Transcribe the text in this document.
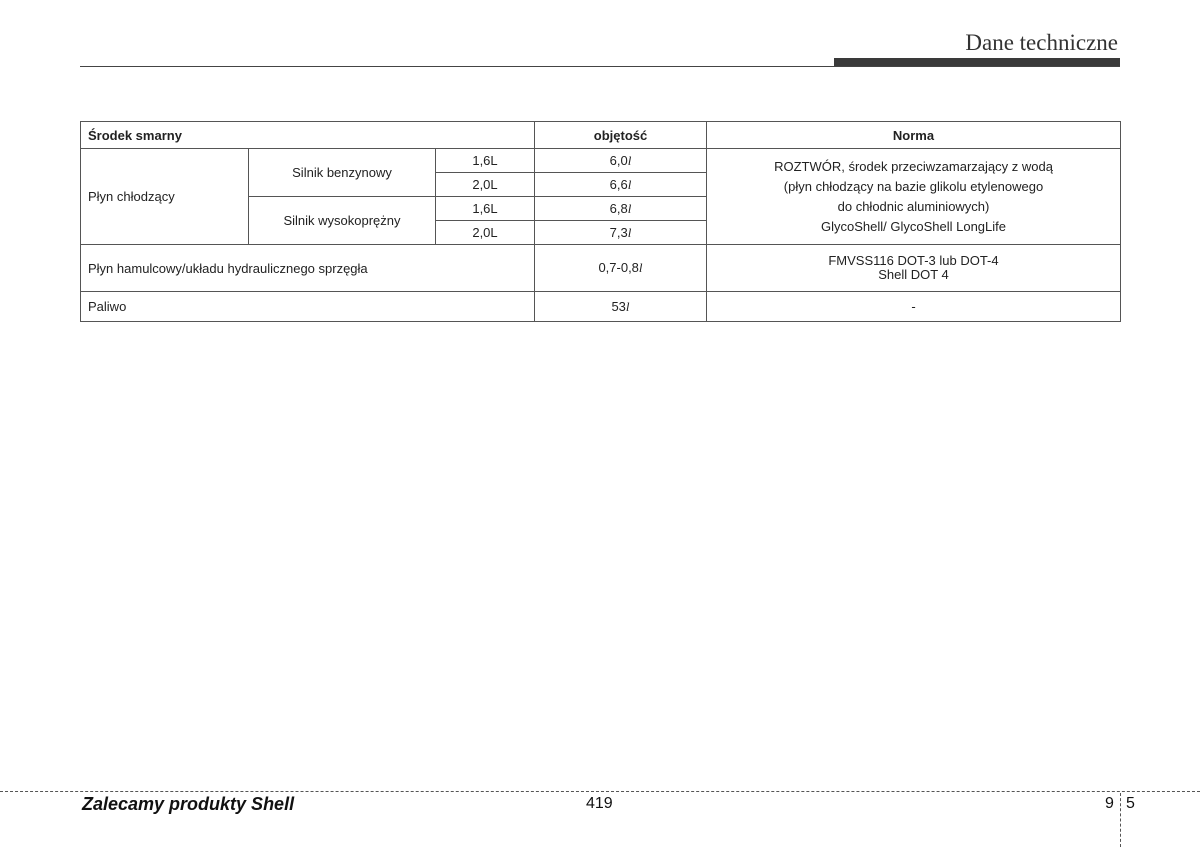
Dane techniczne
Środek smarny			objętość	Norma
Płyn chłodzący	Silnik benzynowy	1,6L	6,0l	ROZTWÓR, środek przeciwzamarzający z wodą
(płyn chłodzący na bazie glikolu etylenowego
do chłodnic aluminiowych)
GlycoShell/ GlycoShell LongLife

		2,0L	6,6l	
	Silnik wysokoprężny	1,6L	6,8l	
		2,0L	7,3l	
Płyn hamulcowy/układu hydraulicznego sprzęgła			0,7-0,8l	FMVSS116 DOT-3 lub DOT-4
Shell DOT 4

Paliwo			53l	-
Zalecamy produkty Shell	419	9 5
